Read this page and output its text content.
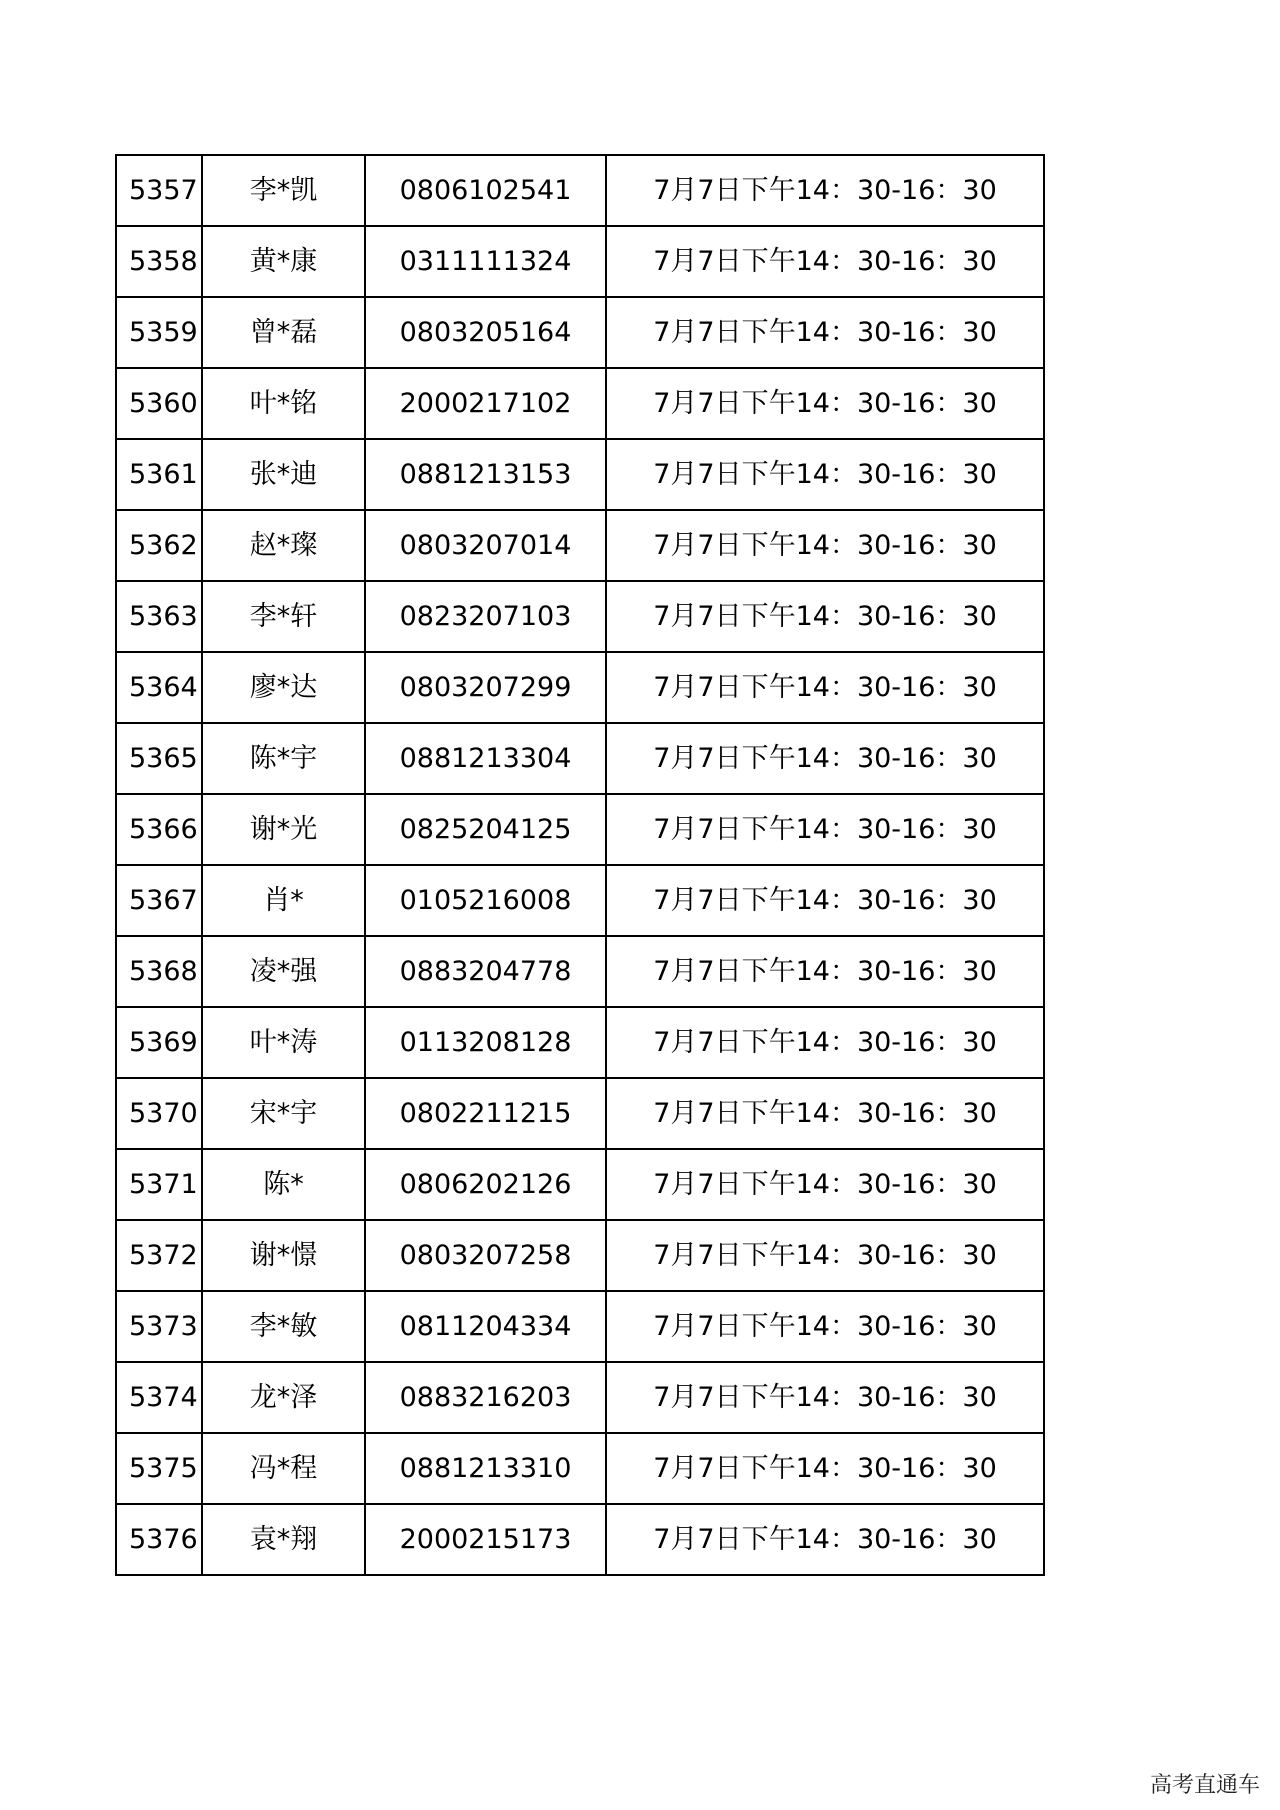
5357	李*凯	0806102541	7月7日下午14：30-16：30
5358	黄*康	0311111324	7月7日下午14：30-16：30
5359	曾*磊	0803205164	7月7日下午14：30-16：30
5360	叶*铭	2000217102	7月7日下午14：30-16：30
5361	张*迪	0881213153	7月7日下午14：30-16：30
5362	赵*璨	0803207014	7月7日下午14：30-16：30
5363	李*轩	0823207103	7月7日下午14：30-16：30
5364	廖*达	0803207299	7月7日下午14：30-16：30
5365	陈*宇	0881213304	7月7日下午14：30-16：30
5366	谢*光	0825204125	7月7日下午14：30-16：30
5367	肖*	0105216008	7月7日下午14：30-16：30
5368	凌*强	0883204778	7月7日下午14：30-16：30
5369	叶*涛	0113208128	7月7日下午14：30-16：30
5370	宋*宇	0802211215	7月7日下午14：30-16：30
5371	陈*	0806202126	7月7日下午14：30-16：30
5372	谢*憬	0803207258	7月7日下午14：30-16：30
5373	李*敏	0811204334	7月7日下午14：30-16：30
5374	龙*泽	0883216203	7月7日下午14：30-16：30
5375	冯*程	0881213310	7月7日下午14：30-16：30
5376	袁*翔	2000215173	7月7日下午14：30-16：30
高考直通车
